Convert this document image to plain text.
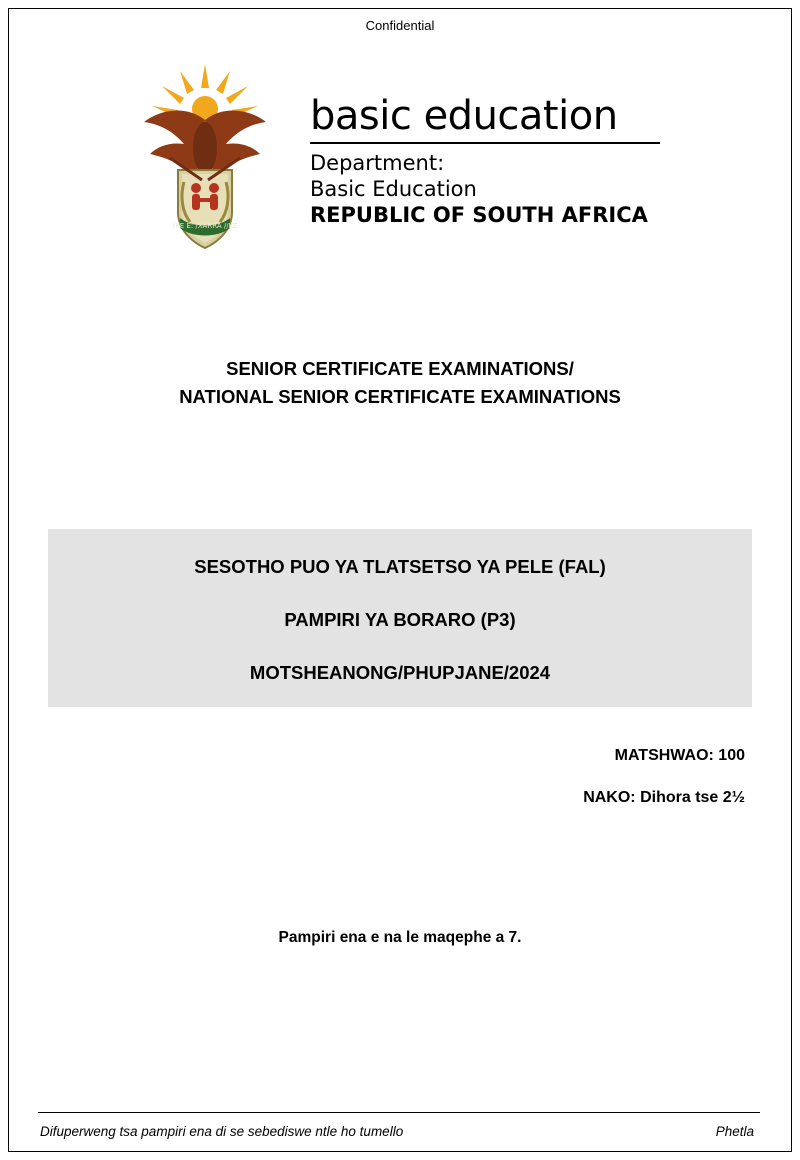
Confidential
!KE E: /XARRA //KE
basic education
Department:
Basic Education
REPUBLIC OF SOUTH AFRICA
SENIOR CERTIFICATE EXAMINATIONS/
NATIONAL SENIOR CERTIFICATE EXAMINATIONS
SESOTHO PUO YA TLATSETSO YA PELE (FAL)
PAMPIRI YA BORARO (P3)
MOTSHEANONG/PHUPJANE/2024
MATSHWAO: 100
NAKO: Dihora tse 2½
Pampiri ena e na le maqephe a 7.
Difuperweng tsa pampiri ena di se sebediswe ntle ho tumello	Phetla
